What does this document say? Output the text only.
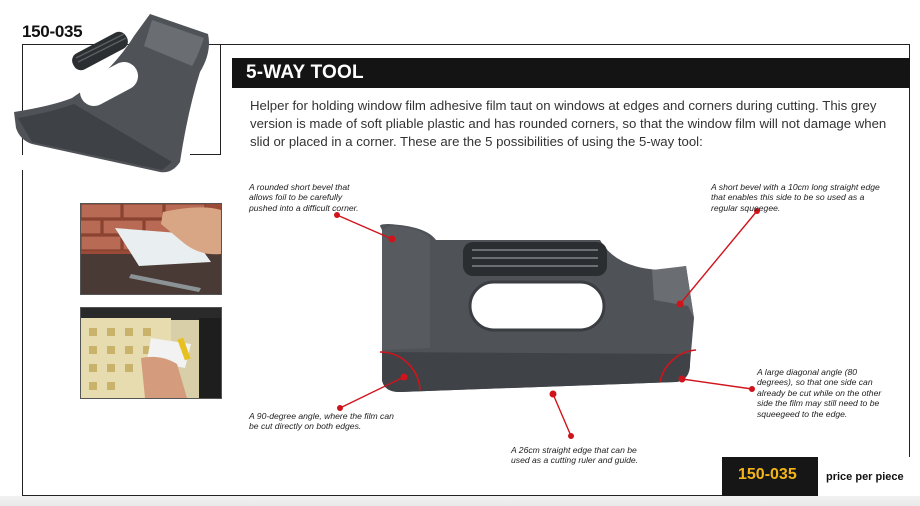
150-035
5-WAY TOOL
Helper for holding window film adhesive film taut on windows at edges and corners during cutting. This grey version is made of soft pliable plastic and has rounded corners, so that the window film will not damage when slid or placed in a corner. These are the 5 possibilities of using the 5-way tool:
A rounded short bevel that allows foil to be carefully pushed into a difficult corner.
A short bevel with a 10cm long straight edge that enables this side to be so used as a regular squeegee.
A 90-degree angle, where the film can be cut directly on both edges.
A large diagonal angle (80 degrees), so that one side can already be cut while on the other side the film may still need to be squeegeed to the edge.
A 26cm straight edge that can be used as a cutting ruler and guide.
150-035	price per piece
